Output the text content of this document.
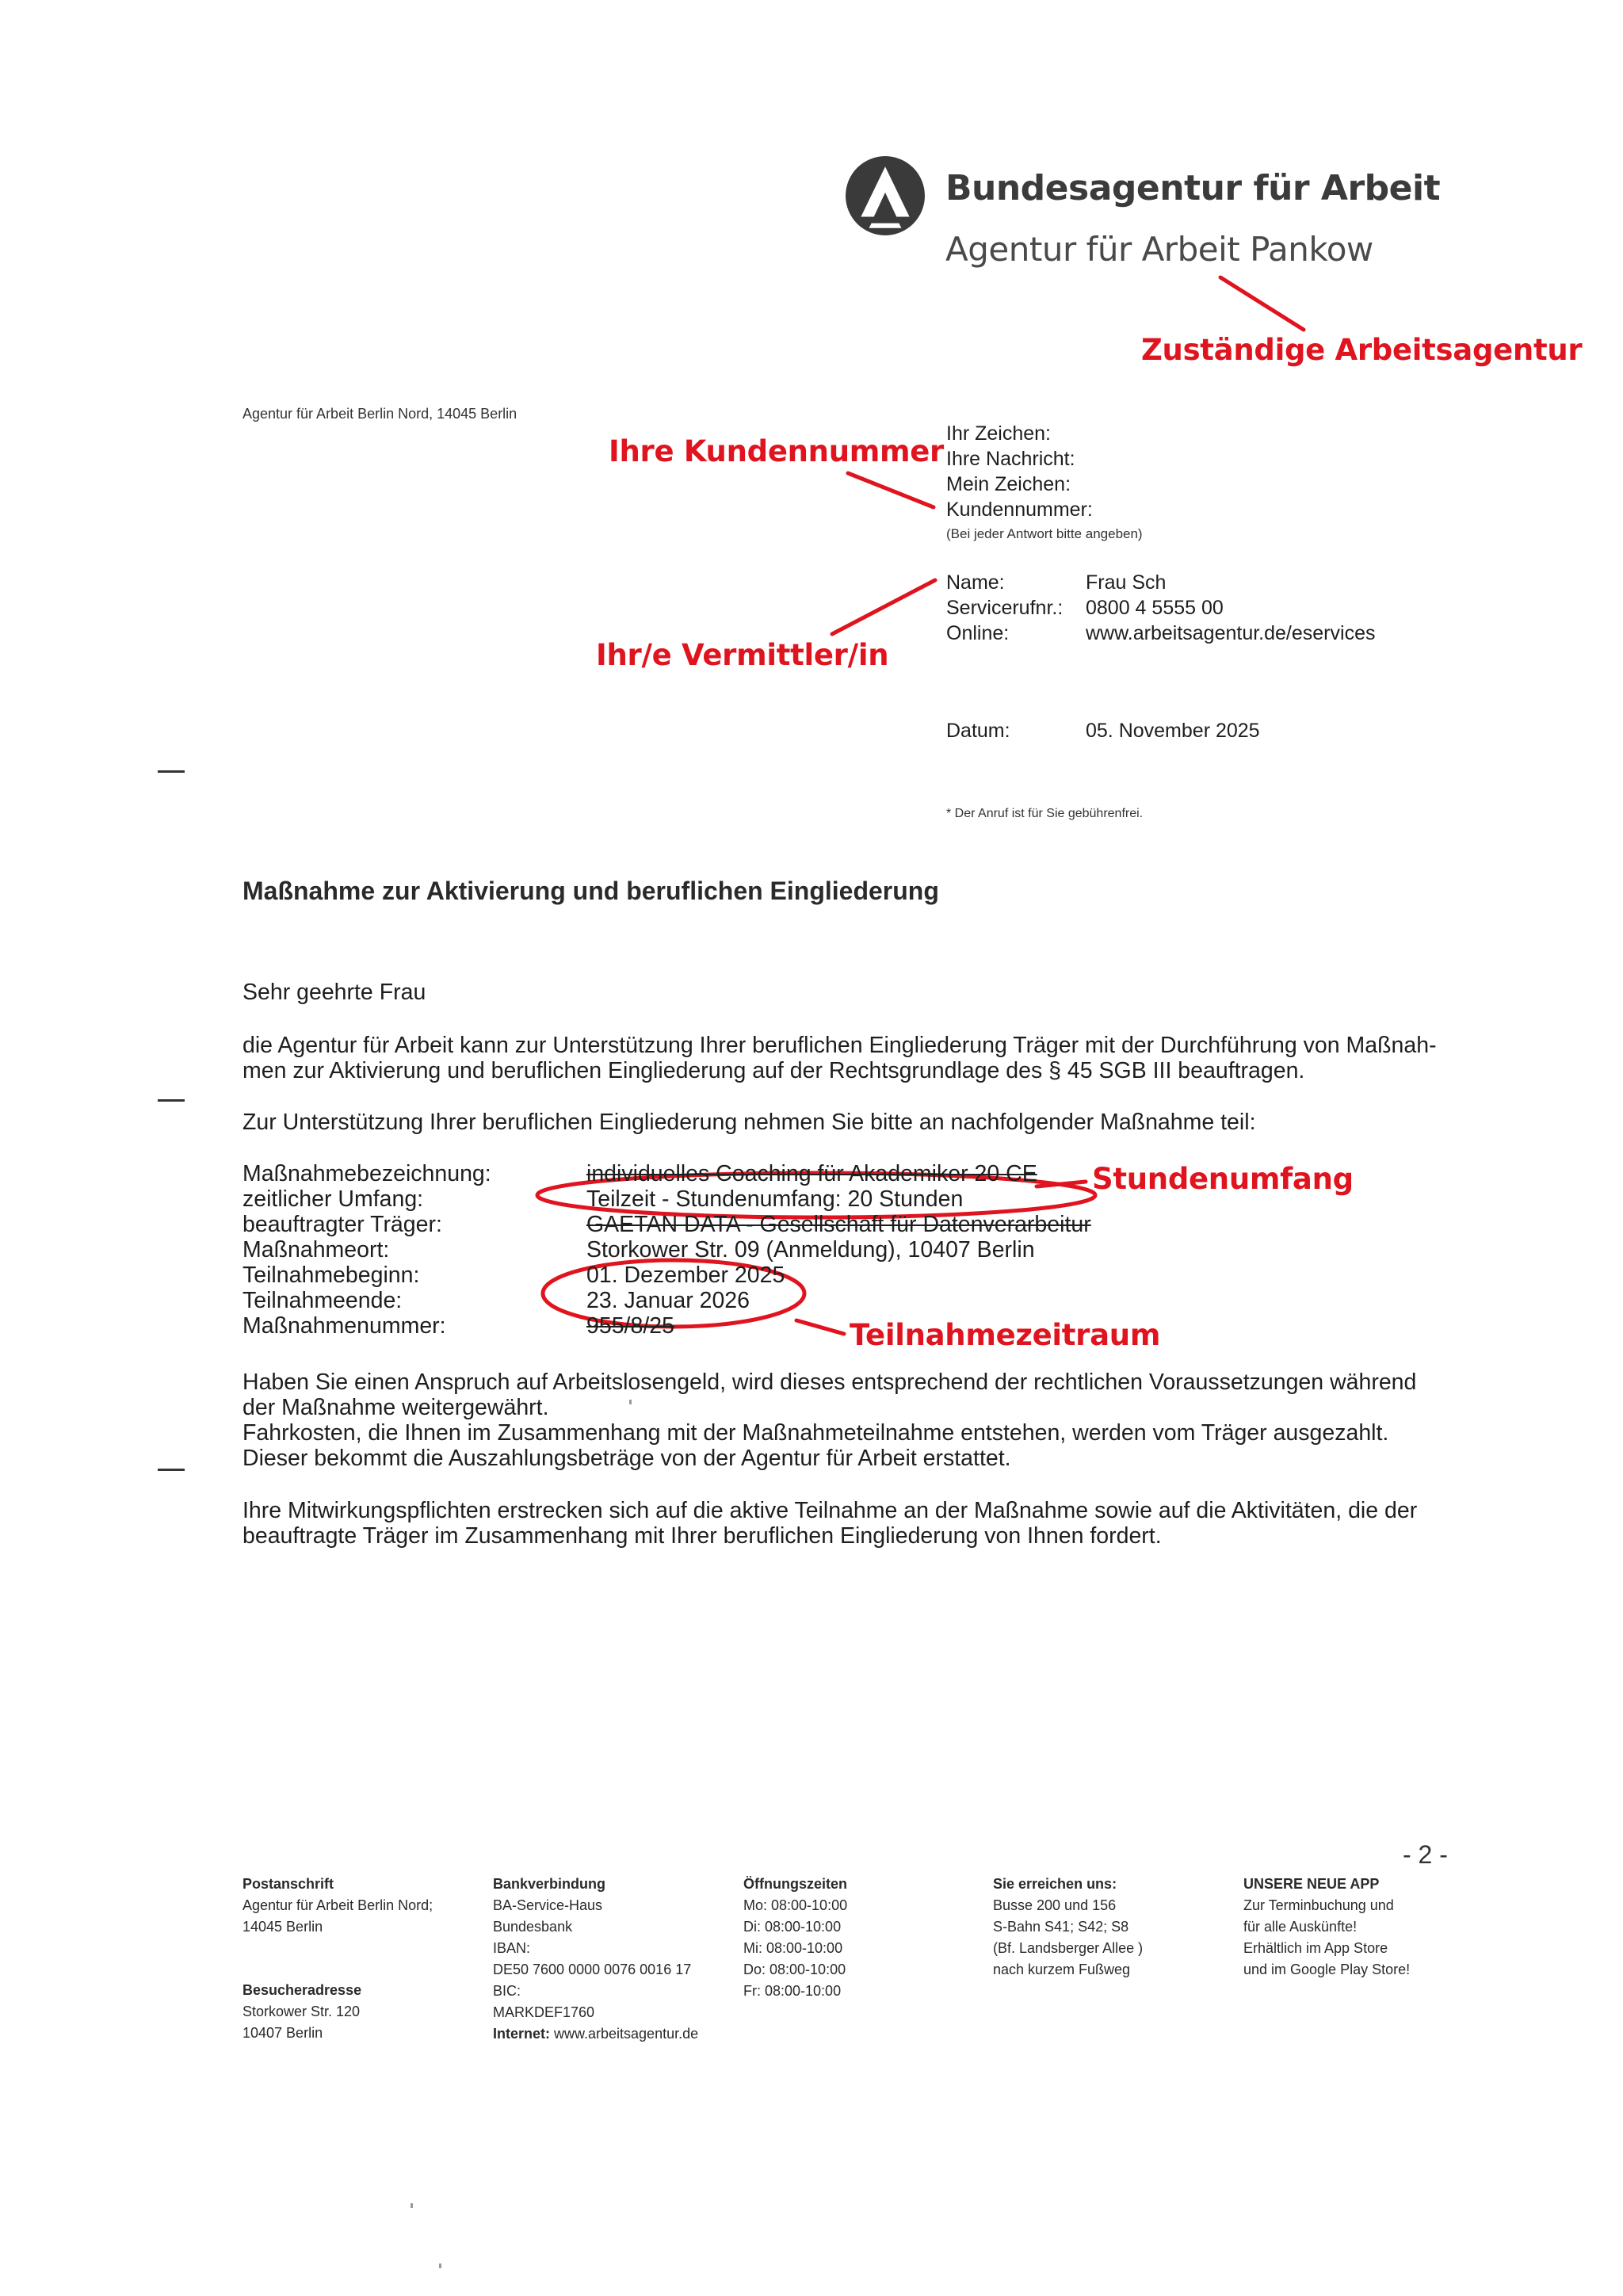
Bundesagentur für Arbeit
Agentur für Arbeit Pankow
Zuständige Arbeitsagentur
Ihre Kundennummer
Ihr/e Vermittler/in
Stundenumfang
Teilnahmezeitraum
Agentur für Arbeit Berlin Nord, 14045 Berlin
Ihr Zeichen:
Ihre Nachricht:
Mein Zeichen:
Kundennummer:
(Bei jeder Antwort bitte angeben)
Name:	Frau Sch
Servicerufnr.: 0800 4 5555 00
Online:	www.arbeitsagentur.de/eservices
Datum:	05. November 2025
* Der Anruf ist für Sie gebührenfrei.
Maßnahme zur Aktivierung und beruflichen Eingliederung
Sehr geehrte Frau
die Agentur für Arbeit kann zur Unterstützung Ihrer beruflichen Eingliederung Träger mit der Durchführung von Maßnah-
men zur Aktivierung und beruflichen Eingliederung auf der Rechtsgrundlage des § 45 SGB III beauftragen.
Zur Unterstützung Ihrer beruflichen Eingliederung nehmen Sie bitte an nachfolgender Maßnahme teil:
Maßnahmebezeichnung:	individuelles Coaching für Akademiker 20 CE
zeitlicher Umfang:	Teilzeit - Stundenumfang: 20 Stunden
beauftragter Träger:	GAETAN DATA - Gesellschaft für Datenverarbeitur
Maßnahmeort:	Storkower Str. 09 (Anmeldung), 10407 Berlin
Teilnahmebeginn:	01. Dezember 2025
Teilnahmeende:	23. Januar 2026
Maßnahmenummer:	955/8/25
Haben Sie einen Anspruch auf Arbeitslosengeld, wird dieses entsprechend der rechtlichen Voraussetzungen während
der Maßnahme weitergewährt.
Fahrkosten, die Ihnen im Zusammenhang mit der Maßnahmeteilnahme entstehen, werden vom Träger ausgezahlt.
Dieser bekommt die Auszahlungsbeträge von der Agentur für Arbeit erstattet.
Ihre Mitwirkungspflichten erstrecken sich auf die aktive Teilnahme an der Maßnahme sowie auf die Aktivitäten, die der
beauftragte Träger im Zusammenhang mit Ihrer beruflichen Eingliederung von Ihnen fordert.
- 2 -
Postanschrift
Agentur für Arbeit Berlin Nord;
14045 Berlin
Besucheradresse
Storkower Str. 120
10407 Berlin
Bankverbindung
BA-Service-Haus
Bundesbank
IBAN:
DE50 7600 0000 0076 0016 17
BIC:
MARKDEF1760
Internet: www.arbeitsagentur.de
Öffnungszeiten
Mo: 08:00-10:00
Di: 08:00-10:00
Mi: 08:00-10:00
Do: 08:00-10:00
Fr: 08:00-10:00
Sie erreichen uns:
Busse 200 und 156
S-Bahn S41; S42; S8
(Bf. Landsberger Allee )
nach kurzem Fußweg
UNSERE NEUE APP
Zur Terminbuchung und
für alle Auskünfte!
Erhältlich im App Store
und im Google Play Store!
